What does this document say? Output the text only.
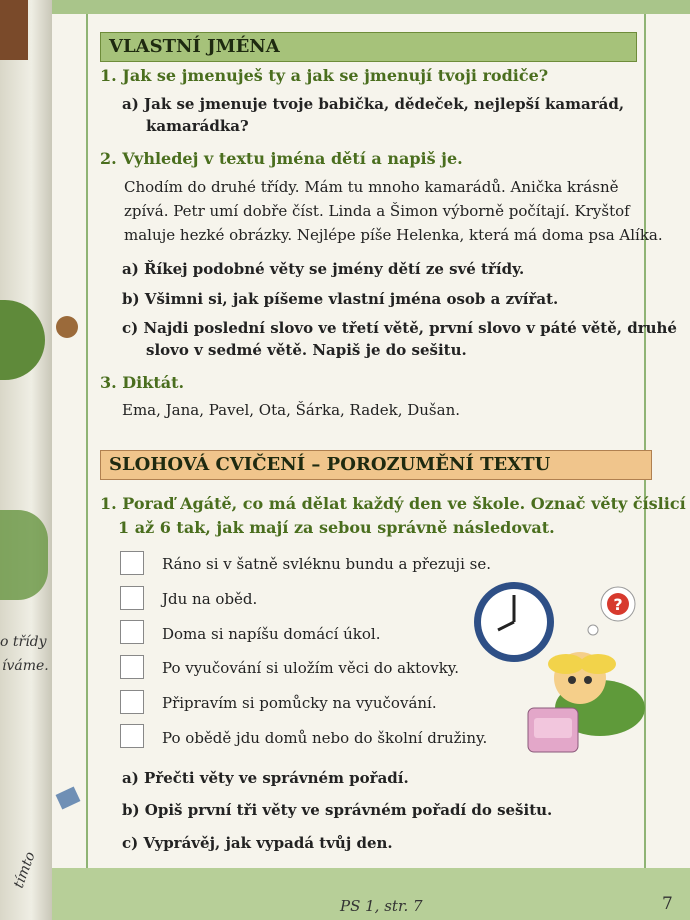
o třídy
íváme.
tímto
VLASTNÍ JMÉNA
1. Jak se jmenuješ ty a jak se jmenují tvoji rodiče?
a) Jak se jmenuje tvoje babička, dědeček, nejlepší kamarád,
kamarádka?
2. Vyhledej v textu jména dětí a napiš je.
Chodím do druhé třídy. Mám tu mnoho kamarádů. Anička krásně
zpívá. Petr umí dobře číst. Linda a Šimon výborně počítají. Kryštof
maluje hezké obrázky. Nejlépe píše Helenka, která má doma psa Alíka.
a) Říkej podobné věty se jmény dětí ze své třídy.
b) Všimni si, jak píšeme vlastní jména osob a zvířat.
c) Najdi poslední slovo ve třetí větě, první slovo v páté větě, druhé
slovo v sedmé větě. Napiš je do sešitu.
3. Diktát.
Ema, Jana, Pavel, Ota, Šárka, Radek, Dušan.
SLOHOVÁ CVIČENÍ – POROZUMĚNÍ TEXTU
1. Poraď Agátě, co má dělat každý den ve škole. Označ věty číslicí
1 až 6 tak, jak mají za sebou správně následovat.
Ráno si v šatně svléknu bundu a přezuji se.
Jdu na oběd.
Doma si napíšu domácí úkol.
Po vyučování si uložím věci do aktovky.
Připravím si pomůcky na vyučování.
Po obědě jdu domů nebo do školní družiny.
?
a) Přečti věty ve správném pořadí.
b) Opiš první tři věty ve správném pořadí do sešitu.
c) Vyprávěj, jak vypadá tvůj den.
PS 1, str. 7	7
